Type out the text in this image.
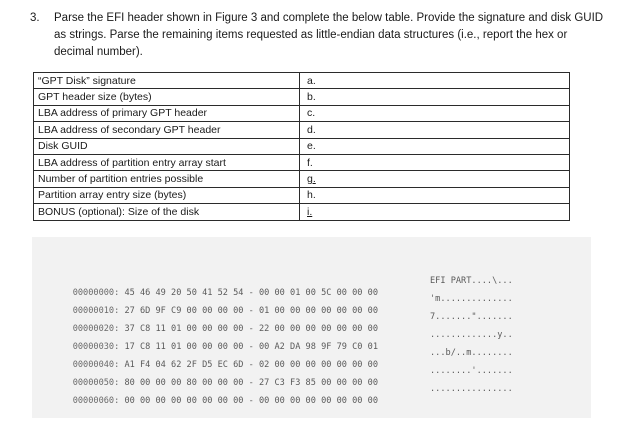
3.	Parse the EFI header shown in Figure 3 and complete the below table. Provide the signature and disk GUID as strings. Parse the remaining items requested as little-endian data structures (i.e., report the hex or decimal number).
“GPT Disk” signature	a.
GPT header size (bytes)	b.
LBA address of primary GPT header	c.
LBA address of secondary GPT header	d.
Disk GUID	e.
LBA address of partition entry array start	f.
Number of partition entries possible	g.
Partition array entry size (bytes)	h.
BONUS (optional): Size of the disk	i.

00000000: 45 46 49 20 50 41 52 54 - 00 00 01 00 5C 00 00 00

EFI PART....\...

00000010: 27 6D 9F C9 00 00 00 00 - 01 00 00 00 00 00 00 00

'm..............

00000020: 37 C8 11 01 00 00 00 00 - 22 00 00 00 00 00 00 00

7.......".......

00000030: 17 C8 11 01 00 00 00 00 - 00 A2 DA 98 9F 79 C0 01

.............y..

00000040: A1 F4 04 62 2F D5 EC 6D - 02 00 00 00 00 00 00 00

...b/..m........

00000050: 80 00 00 00 80 00 00 00 - 27 C3 F3 85 00 00 00 00

........'.......

00000060: 00 00 00 00 00 00 00 00 - 00 00 00 00 00 00 00 00

................
